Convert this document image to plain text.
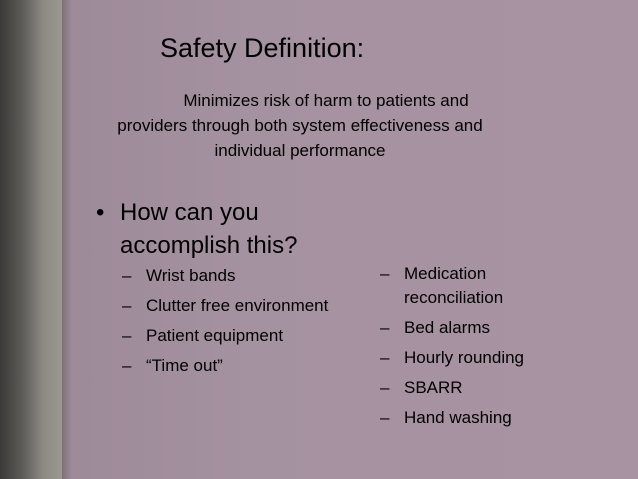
Safety Definition:
Minimizes risk of harm to patients and
providers through both system effectiveness and
individual performance
• How can you
accomplish this?
– Wrist bands
– Clutter free environment
– Patient equipment
– “Time out”
– Medication reconciliation
– Bed alarms
– Hourly rounding
– SBARR
– Hand washing
